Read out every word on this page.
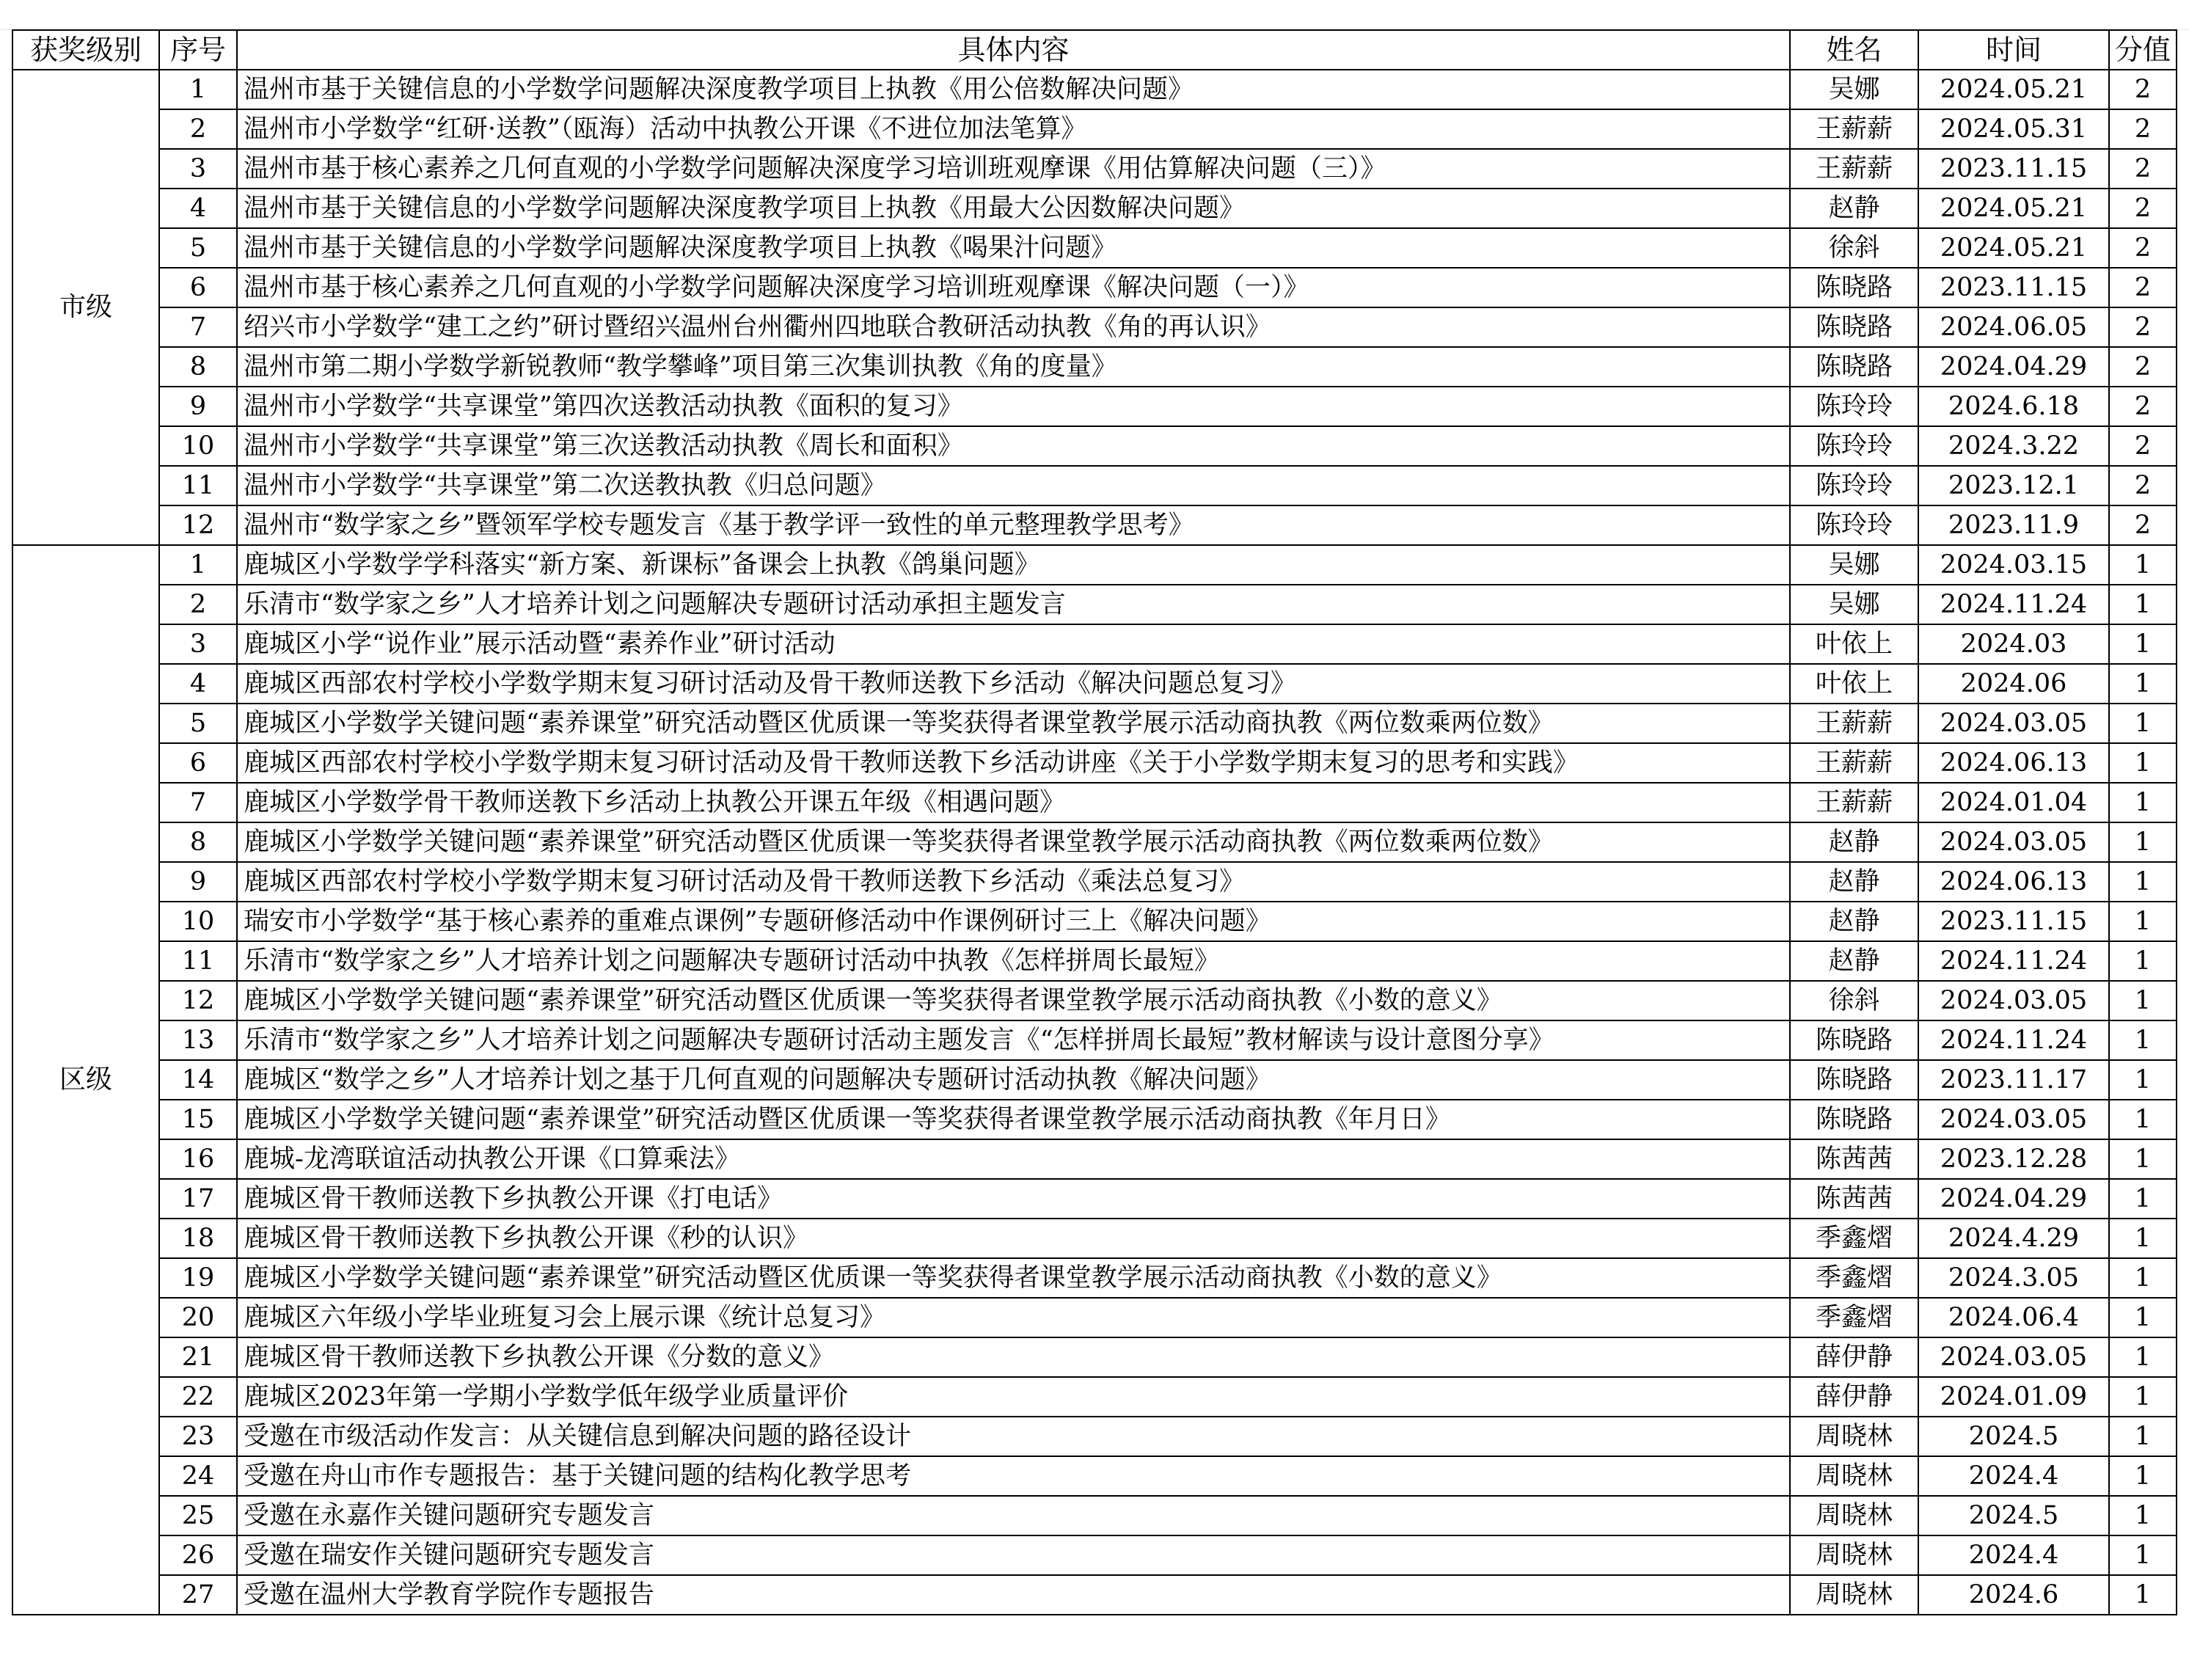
获奖级别	序号	具体内容	姓名	时间	分值
市级	1	温州市基于关键信息的小学数学问题解决深度教学项目上执教《用公倍数解决问题》	吴娜	2024.05.21	2
	2	温州市小学数学“红研·送教”（瓯海）活动中执教公开课《不进位加法笔算》	王薪薪	2024.05.31	2
	3	温州市基于核心素养之几何直观的小学数学问题解决深度学习培训班观摩课《用估算解决问题（三）》	王薪薪	2023.11.15	2
	4	温州市基于关键信息的小学数学问题解决深度教学项目上执教《用最大公因数解决问题》	赵静	2024.05.21	2
	5	温州市基于关键信息的小学数学问题解决深度教学项目上执教《喝果汁问题》	徐斜	2024.05.21	2
	6	温州市基于核心素养之几何直观的小学数学问题解决深度学习培训班观摩课《解决问题（一）》	陈晓路	2023.11.15	2
	7	绍兴市小学数学“建工之约”研讨暨绍兴温州台州衢州四地联合教研活动执教《角的再认识》	陈晓路	2024.06.05	2
	8	温州市第二期小学数学新锐教师“教学攀峰”项目第三次集训执教《角的度量》	陈晓路	2024.04.29	2
	9	温州市小学数学“共享课堂”第四次送教活动执教《面积的复习》	陈玲玲	2024.6.18	2
	10	温州市小学数学“共享课堂”第三次送教活动执教《周长和面积》	陈玲玲	2024.3.22	2
	11	温州市小学数学“共享课堂”第二次送教执教《归总问题》	陈玲玲	2023.12.1	2
	12	温州市“数学家之乡”暨领军学校专题发言《基于教学评一致性的单元整理教学思考》	陈玲玲	2023.11.9	2
区级	1	鹿城区小学数学学科落实“新方案、新课标”备课会上执教《鸽巢问题》	吴娜	2024.03.15	1
	2	乐清市“数学家之乡”人才培养计划之问题解决专题研讨活动承担主题发言	吴娜	2024.11.24	1
	3	鹿城区小学“说作业”展示活动暨“素养作业”研讨活动	叶依上	2024.03	1
	4	鹿城区西部农村学校小学数学期末复习研讨活动及骨干教师送教下乡活动《解决问题总复习》	叶依上	2024.06	1
	5	鹿城区小学数学关键问题“素养课堂”研究活动暨区优质课一等奖获得者课堂教学展示活动商执教《两位数乘两位数》	王薪薪	2024.03.05	1
	6	鹿城区西部农村学校小学数学期末复习研讨活动及骨干教师送教下乡活动讲座《关于小学数学期末复习的思考和实践》	王薪薪	2024.06.13	1
	7	鹿城区小学数学骨干教师送教下乡活动上执教公开课五年级《相遇问题》	王薪薪	2024.01.04	1
	8	鹿城区小学数学关键问题“素养课堂”研究活动暨区优质课一等奖获得者课堂教学展示活动商执教《两位数乘两位数》	赵静	2024.03.05	1
	9	鹿城区西部农村学校小学数学期末复习研讨活动及骨干教师送教下乡活动《乘法总复习》	赵静	2024.06.13	1
	10	瑞安市小学数学“基于核心素养的重难点课例”专题研修活动中作课例研讨三上《解决问题》	赵静	2023.11.15	1
	11	乐清市“数学家之乡”人才培养计划之问题解决专题研讨活动中执教《怎样拼周长最短》	赵静	2024.11.24	1
	12	鹿城区小学数学关键问题“素养课堂”研究活动暨区优质课一等奖获得者课堂教学展示活动商执教《小数的意义》	徐斜	2024.03.05	1
	13	乐清市“数学家之乡”人才培养计划之问题解决专题研讨活动主题发言《“怎样拼周长最短”教材解读与设计意图分享》	陈晓路	2024.11.24	1
	14	鹿城区“数学之乡”人才培养计划之基于几何直观的问题解决专题研讨活动执教《解决问题》	陈晓路	2023.11.17	1
	15	鹿城区小学数学关键问题“素养课堂”研究活动暨区优质课一等奖获得者课堂教学展示活动商执教《年月日》	陈晓路	2024.03.05	1
	16	鹿城-龙湾联谊活动执教公开课《口算乘法》	陈茜茜	2023.12.28	1
	17	鹿城区骨干教师送教下乡执教公开课《打电话》	陈茜茜	2024.04.29	1
	18	鹿城区骨干教师送教下乡执教公开课《秒的认识》	季鑫熠	2024.4.29	1
	19	鹿城区小学数学关键问题“素养课堂”研究活动暨区优质课一等奖获得者课堂教学展示活动商执教《小数的意义》	季鑫熠	2024.3.05	1
	20	鹿城区六年级小学毕业班复习会上展示课《统计总复习》	季鑫熠	2024.06.4	1
	21	鹿城区骨干教师送教下乡执教公开课《分数的意义》	薛伊静	2024.03.05	1
	22	鹿城区2023年第一学期小学数学低年级学业质量评价	薛伊静	2024.01.09	1
	23	受邀在市级活动作发言：从关键信息到解决问题的路径设计	周晓林	2024.5	1
	24	受邀在舟山市作专题报告：基于关键问题的结构化教学思考	周晓林	2024.4	1
	25	受邀在永嘉作关键问题研究专题发言	周晓林	2024.5	1
	26	受邀在瑞安作关键问题研究专题发言	周晓林	2024.4	1
	27	受邀在温州大学教育学院作专题报告	周晓林	2024.6	1
